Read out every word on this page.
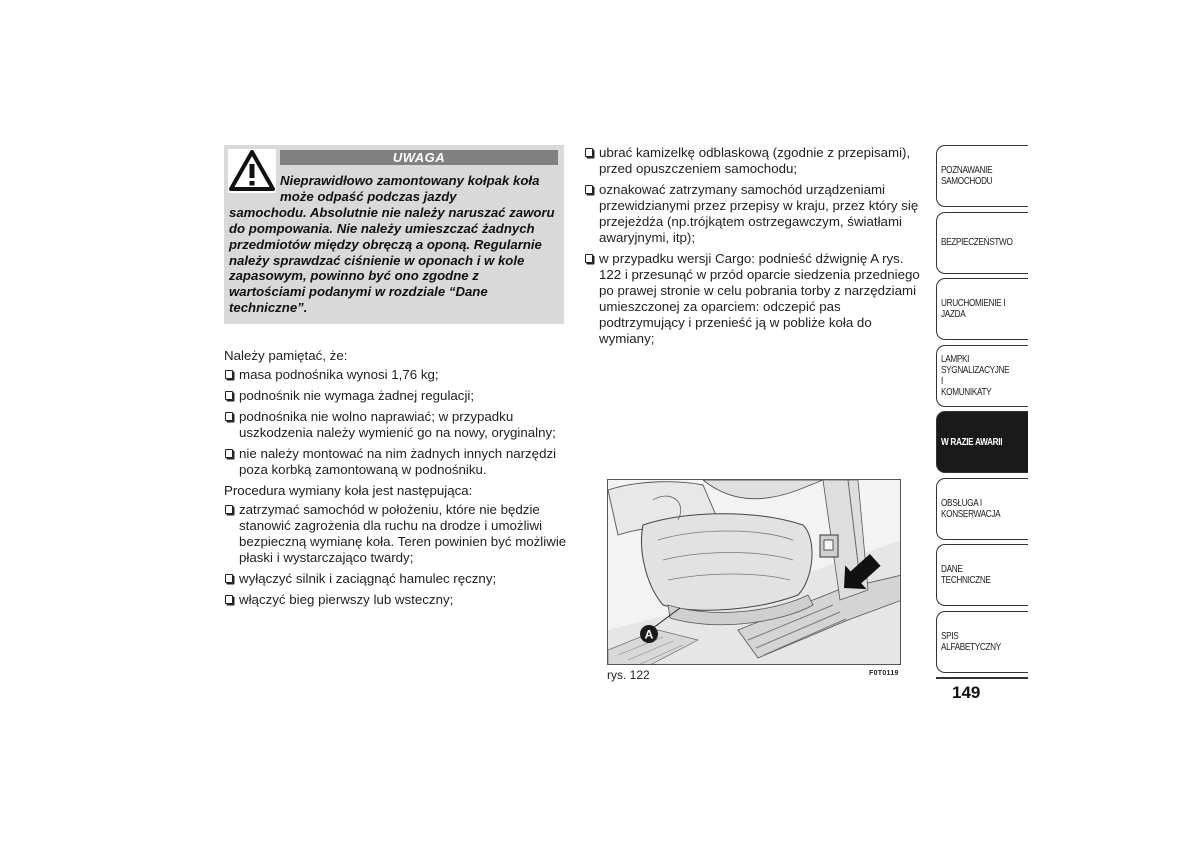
UWAGA
Nieprawidłowo zamontowany kołpak koła może odpaść podczas jazdy
samochodu. Absolutnie nie należy naruszać zaworu do pompowania. Nie należy umieszczać żadnych przedmiotów między obręczą a oponą. Regularnie należy sprawdzać ciśnienie w oponach i w kole zapasowym, powinno być ono zgodne z wartościami podanymi w rozdziale “Dane techniczne”.

Należy pamiętać, że:

masa podnośnika wynosi 1,76 kg;
podnośnik nie wymaga żadnej regulacji;
podnośnika nie wolno naprawiać; w przypadku uszkodzenia należy wymienić go na nowy, oryginalny;
nie należy montować na nim żadnych innych narzędzi poza korbką zamontowaną w podnośniku.

Procedura wymiany koła jest następująca:

zatrzymać samochód w położeniu, które nie będzie stanowić zagrożenia dla ruchu na drodze i umożliwi bezpieczną wymianę koła. Teren powinien być możliwie płaski i wystarczająco twardy;
wyłączyć silnik i zaciągnąć hamulec ręczny;
włączyć bieg pierwszy lub wsteczny;
ubrać kamizelkę odblaskową (zgodnie z przepisami), przed opuszczeniem samochodu;
oznakować zatrzymany samochód urządzeniami przewidzianymi przez przepisy w kraju, przez który się przejeżdża (np.trójkątem ostrzegawczym, światłami awaryjnymi, itp);
w przypadku wersji Cargo: podnieść dźwignię A rys. 122 i przesunąć w przód oparcie siedzenia przedniego po prawej stronie w celu pobrania torby z narzędziami umieszczonej za oparciem: odczepić pas podtrzymujący i przenieść ją w pobliże koła do wymiany;
A
rys. 122	F0T0119
POZNAWANIE
SAMOCHODU
BEZPIECZEŃSTWO
URUCHOMIENIE I
JAZDA
LAMPKI
SYGNALIZACYJNE I
KOMUNIKATY
W RAZIE AWARII
OBSŁUGA I
KONSERWACJA
DANE TECHNICZNE
SPIS ALFABETYCZNY
149
